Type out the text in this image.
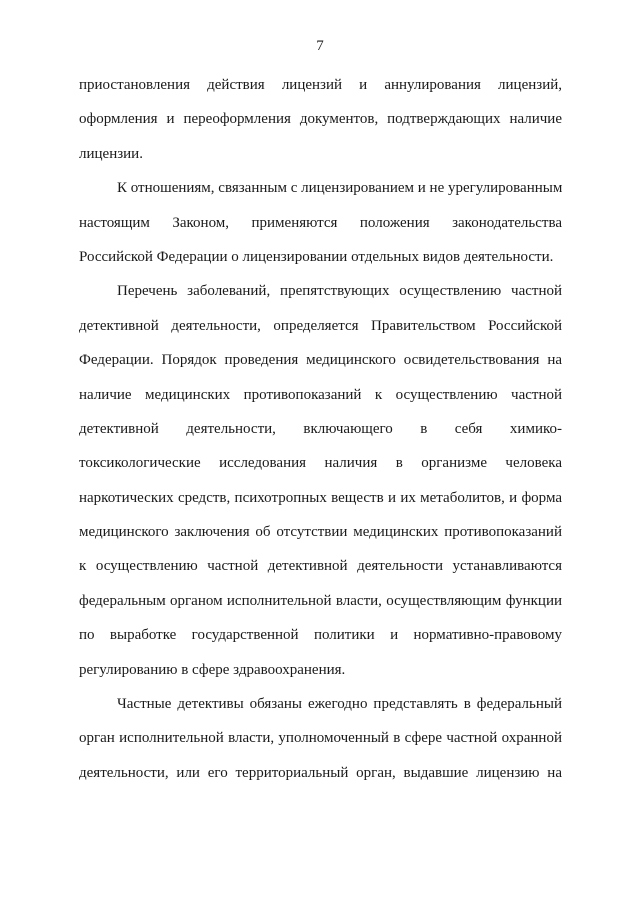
7
приостановления действия лицензий и аннулирования лицензий,
оформления и переоформления документов, подтверждающих наличие
лицензии.
К отношениям, связанным с лицензированием и не урегулированным
настоящим Законом, применяются положения законодательства
Российской Федерации о лицензировании отдельных видов деятельности.
Перечень заболеваний, препятствующих осуществлению частной
детективной деятельности, определяется Правительством Российской
Федерации. Порядок проведения медицинского освидетельствования на
наличие медицинских противопоказаний к осуществлению частной
детективной деятельности, включающего в себя химико-
токсикологические исследования наличия в организме человека
наркотических средств, психотропных веществ и их метаболитов, и форма
медицинского заключения об отсутствии медицинских противопоказаний
к осуществлению частной детективной деятельности устанавливаются
федеральным органом исполнительной власти, осуществляющим функции
по выработке государственной политики и нормативно-правовому
регулированию в сфере здравоохранения.
Частные детективы обязаны ежегодно представлять в федеральный
орган исполнительной власти, уполномоченный в сфере частной охранной
деятельности, или его территориальный орган, выдавшие лицензию на
